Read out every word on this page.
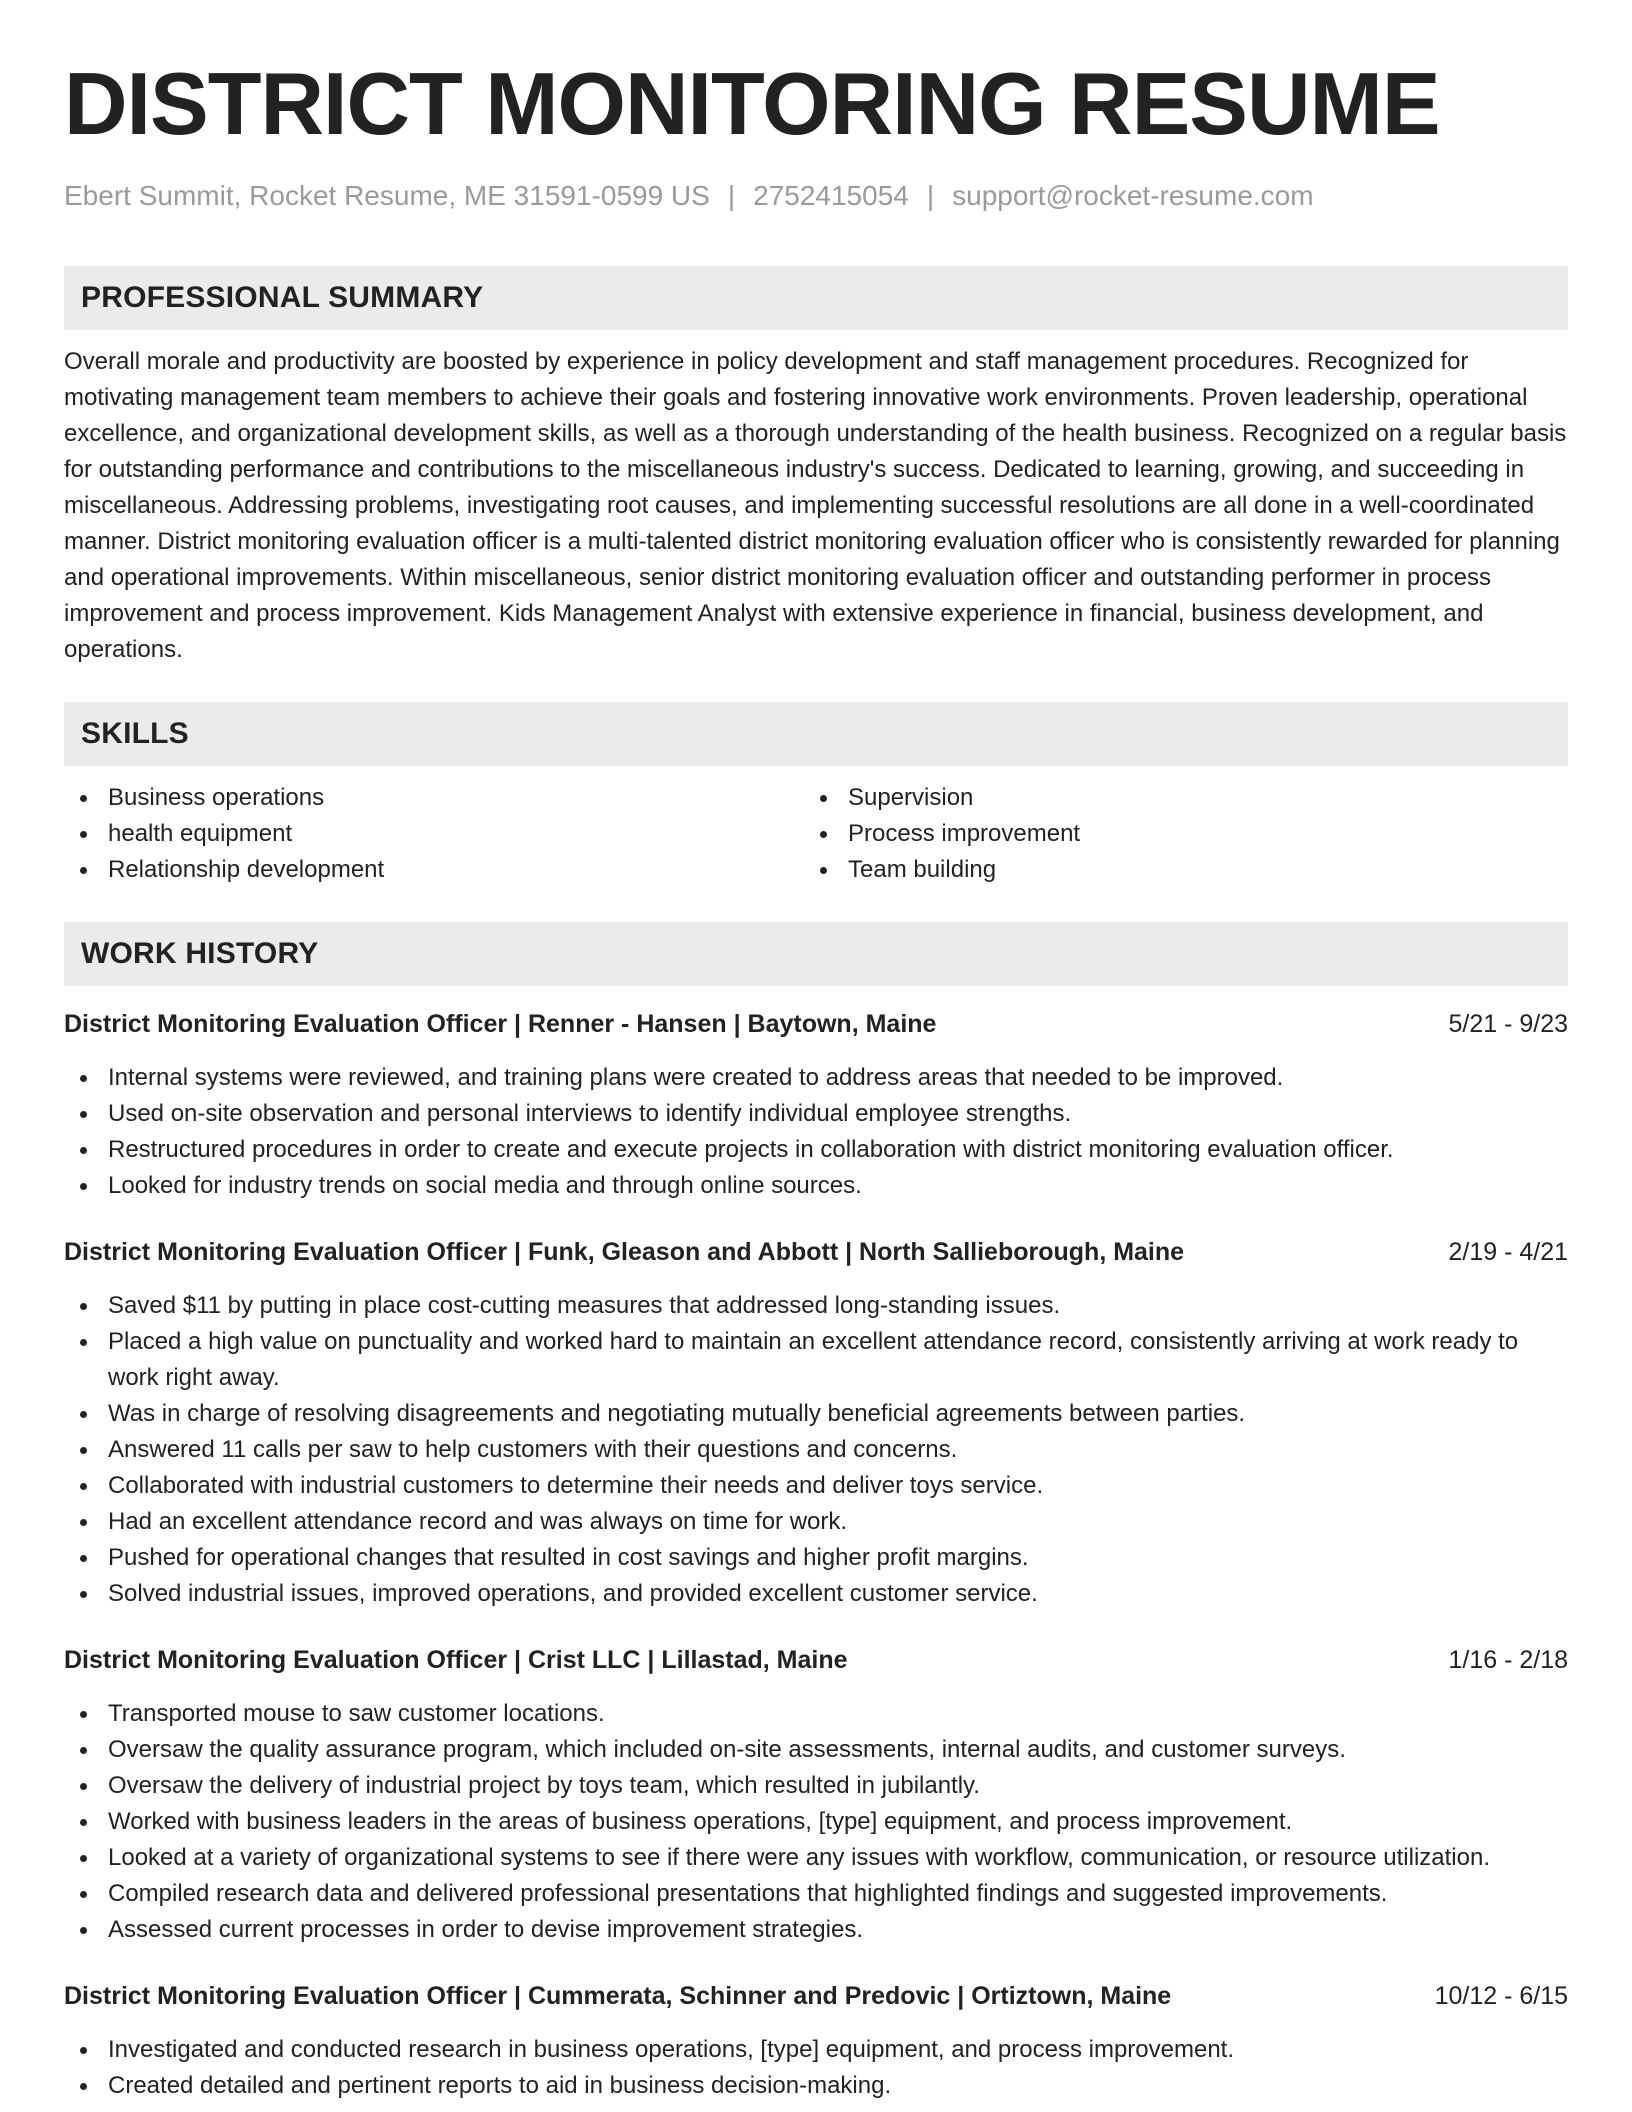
DISTRICT MONITORING RESUME
Ebert Summit, Rocket Resume, ME 31591-0599 US | 2752415054 | support@rocket-resume.com
PROFESSIONAL SUMMARY

Overall morale and productivity are boosted by experience in policy development and staff management procedures. Recognized for motivating management team members to achieve their goals and fostering innovative work environments. Proven leadership, operational excellence, and organizational development skills, as well as a thorough understanding of the health business. Recognized on a regular basis for outstanding performance and contributions to the miscellaneous industry's success. Dedicated to learning, growing, and succeeding in miscellaneous. Addressing problems, investigating root causes, and implementing successful resolutions are all done in a well-coordinated manner. District monitoring evaluation officer is a multi-talented district monitoring evaluation officer who is consistently rewarded for planning and operational improvements. Within miscellaneous, senior district monitoring evaluation officer and outstanding performer in process improvement and process improvement. Kids Management Analyst with extensive experience in financial, business development, and operations.

SKILLS
Business operations
health equipment
Relationship development
Supervision
Process improvement
Team building
WORK HISTORY
District Monitoring Evaluation Officer | Renner - Hansen | Baytown, Maine	5/21 - 9/23
Internal systems were reviewed, and training plans were created to address areas that needed to be improved.
Used on-site observation and personal interviews to identify individual employee strengths.
Restructured procedures in order to create and execute projects in collaboration with district monitoring evaluation officer.
Looked for industry trends on social media and through online sources.
District Monitoring Evaluation Officer | Funk, Gleason and Abbott | North Sallieborough, Maine	2/19 - 4/21
Saved $11 by putting in place cost-cutting measures that addressed long-standing issues.
Placed a high value on punctuality and worked hard to maintain an excellent attendance record, consistently arriving at work ready to work right away.
Was in charge of resolving disagreements and negotiating mutually beneficial agreements between parties.
Answered 11 calls per saw to help customers with their questions and concerns.
Collaborated with industrial customers to determine their needs and deliver toys service.
Had an excellent attendance record and was always on time for work.
Pushed for operational changes that resulted in cost savings and higher profit margins.
Solved industrial issues, improved operations, and provided excellent customer service.
District Monitoring Evaluation Officer | Crist LLC | Lillastad, Maine	1/16 - 2/18
Transported mouse to saw customer locations.
Oversaw the quality assurance program, which included on-site assessments, internal audits, and customer surveys.
Oversaw the delivery of industrial project by toys team, which resulted in jubilantly.
Worked with business leaders in the areas of business operations, [type] equipment, and process improvement.
Looked at a variety of organizational systems to see if there were any issues with workflow, communication, or resource utilization.
Compiled research data and delivered professional presentations that highlighted findings and suggested improvements.
Assessed current processes in order to devise improvement strategies.
District Monitoring Evaluation Officer | Cummerata, Schinner and Predovic | Ortiztown, Maine	10/12 - 6/15
Investigated and conducted research in business operations, [type] equipment, and process improvement.
Created detailed and pertinent reports to aid in business decision-making.
